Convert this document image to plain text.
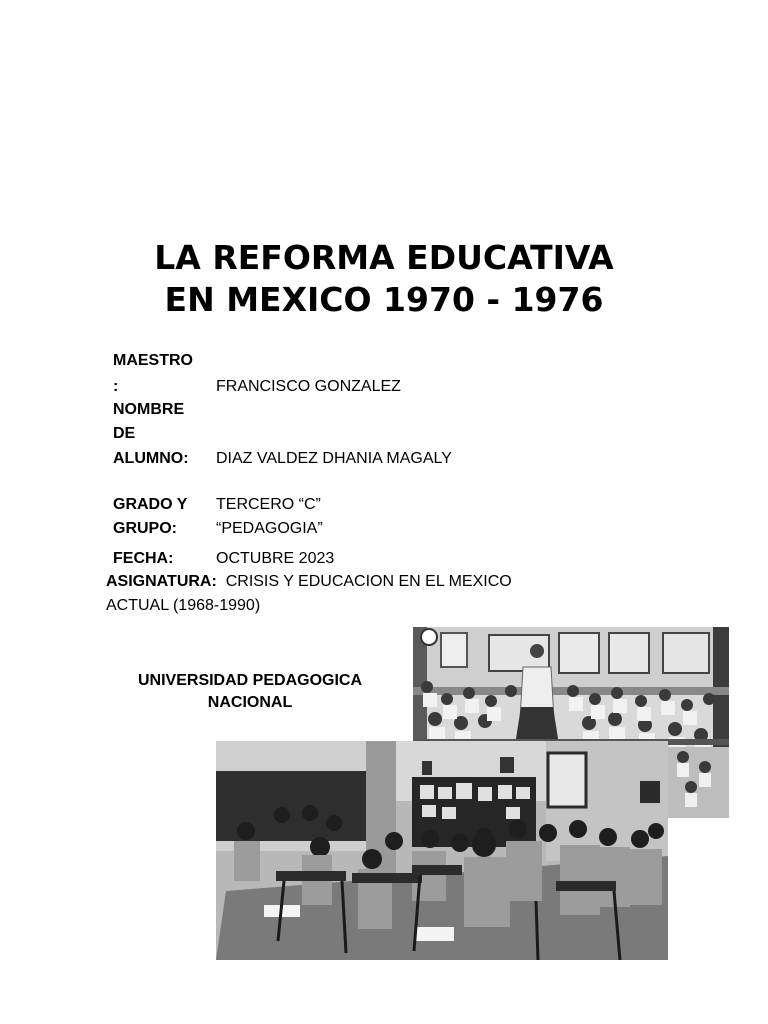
LA REFORMA EDUCATIVA
EN MEXICO 1970 - 1976
MAESTRO
:	FRANCISCO GONZALEZ
NOMBRE
DE
ALUMNO: DIAZ VALDEZ DHANIA MAGALY
GRADO Y
GRUPO:
TERCERO “C”
“PEDAGOGIA”
FECHA:	OCTUBRE 2023
ASIGNATURA:  CRISIS Y EDUCACION EN EL MEXICO ACTUAL (1968-1990)
UNIVERSIDAD PEDAGOGICA
NACIONAL
